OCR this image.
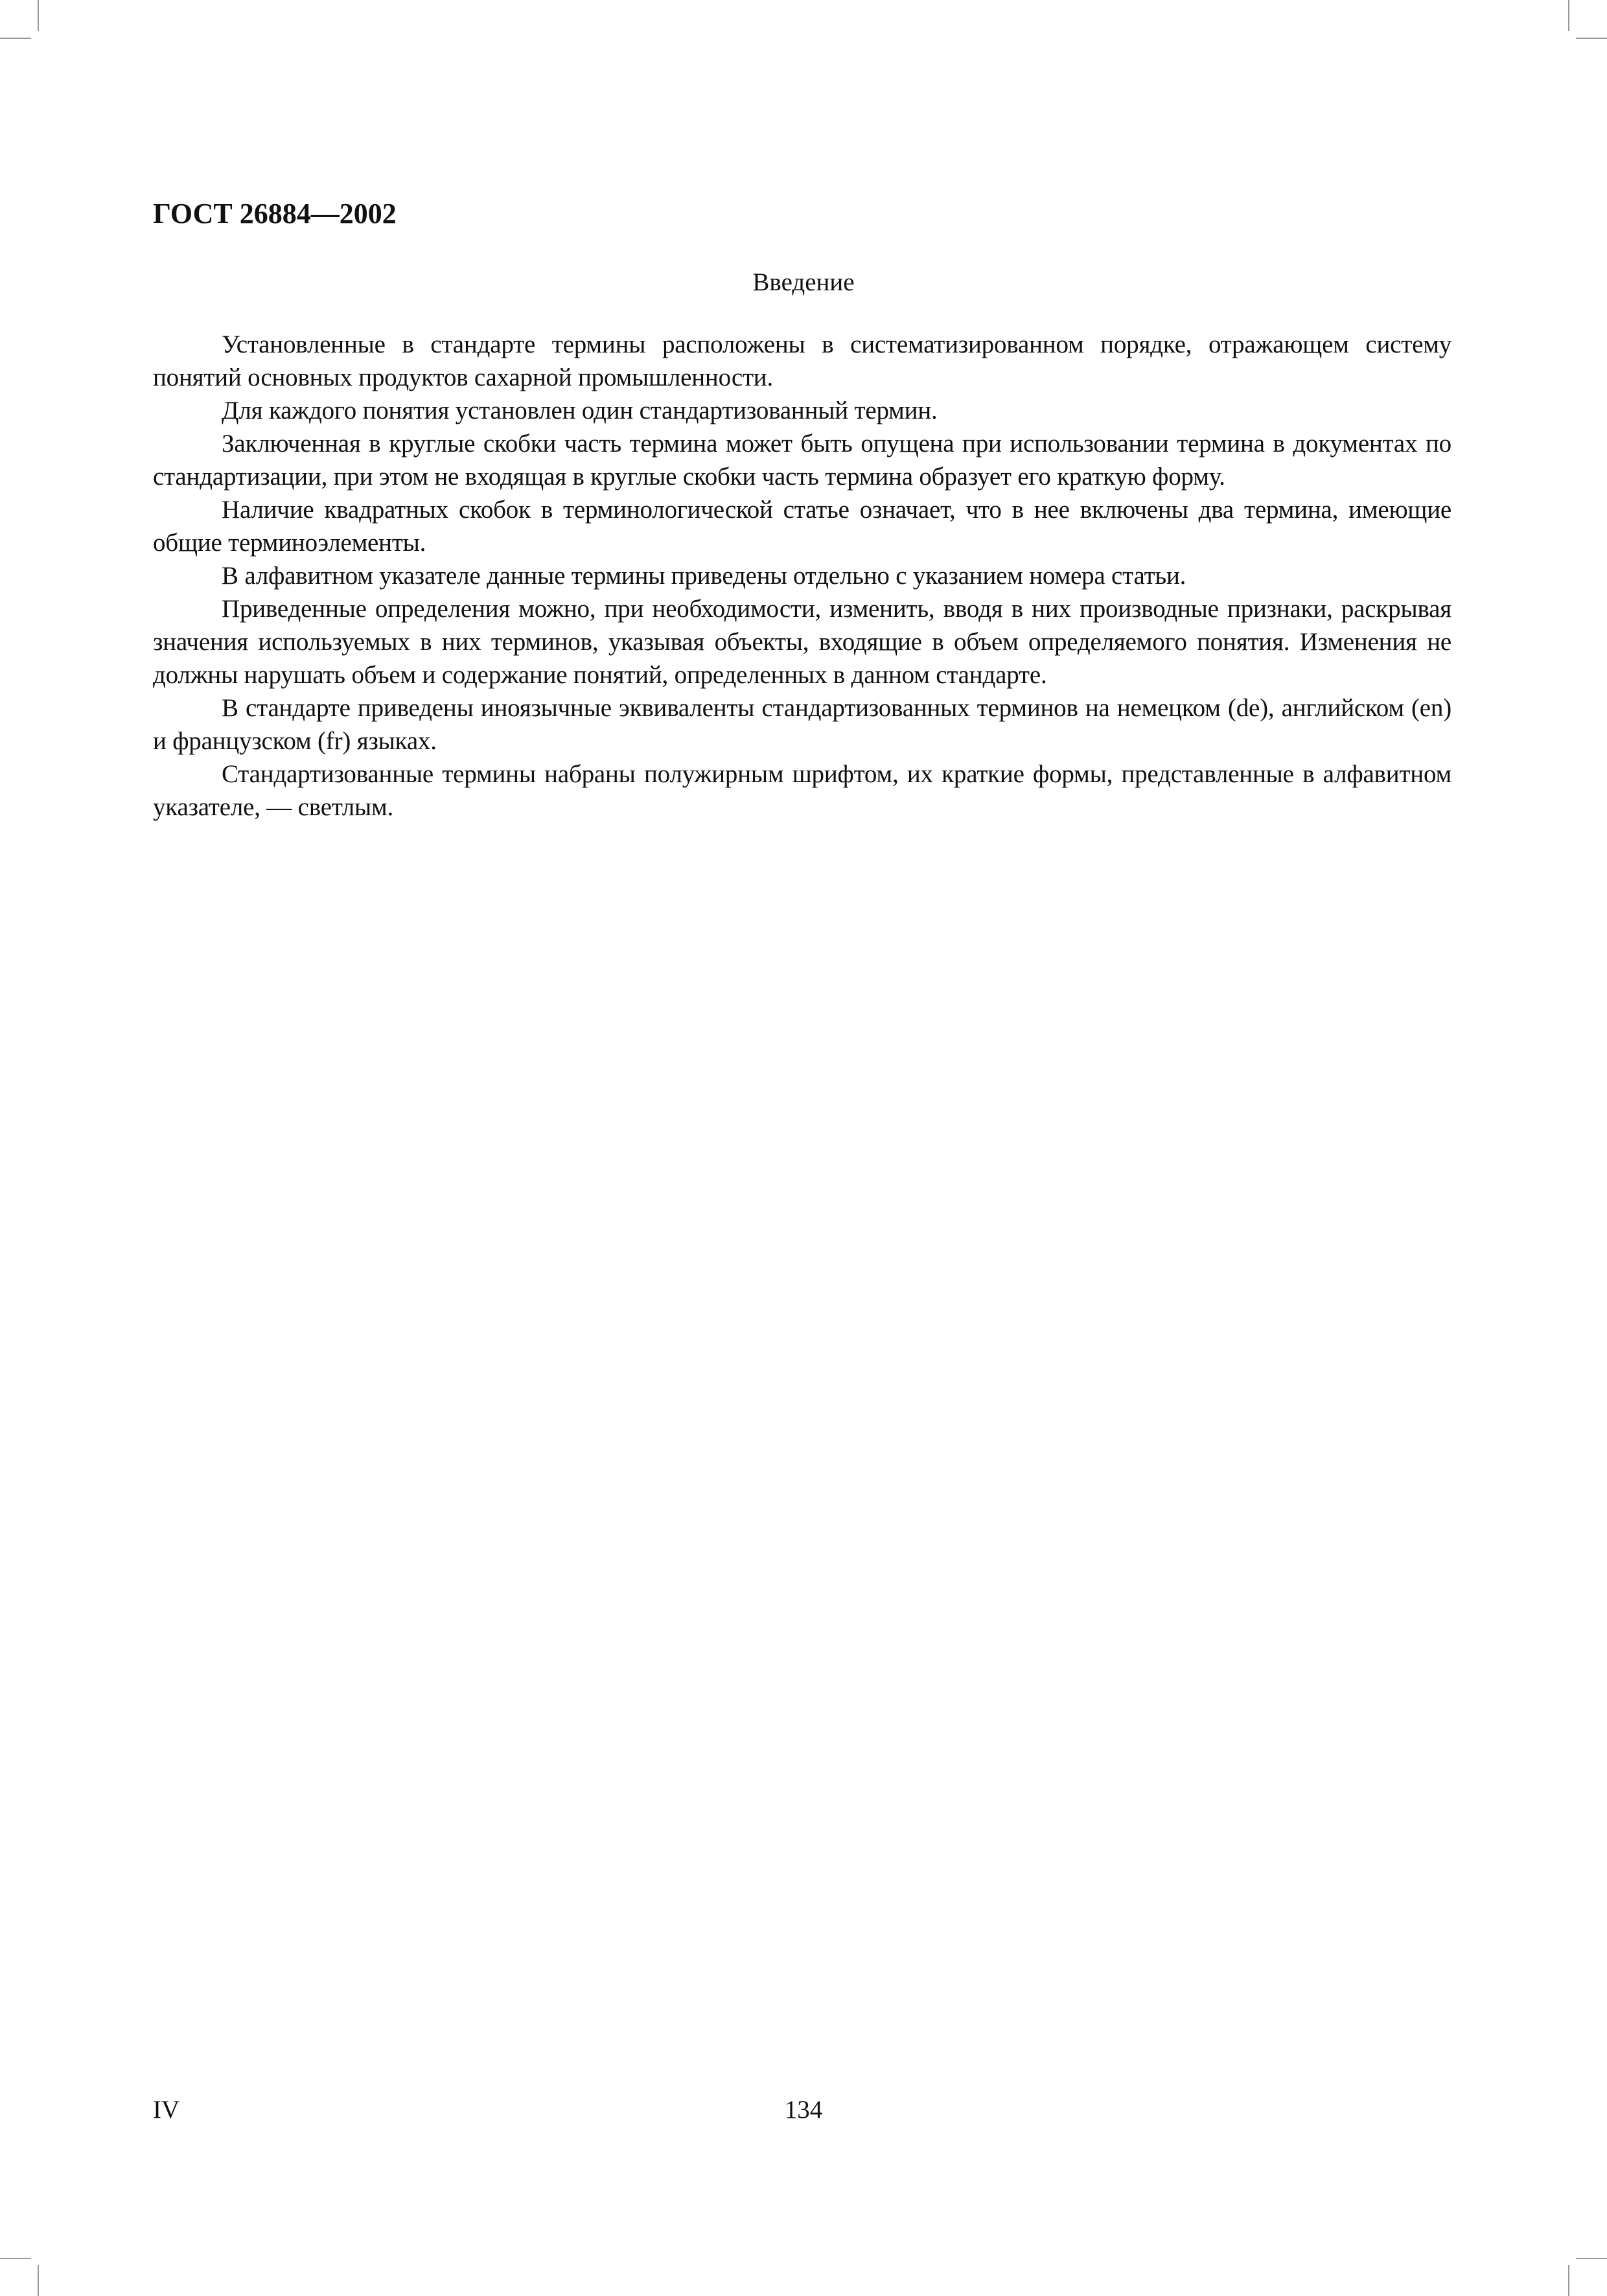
ГОСТ 26884—2002
Введение

Установленные в стандарте термины расположены в систематизированном порядке, отражающем систему понятий основных продуктов сахарной промышленности.

Для каждого понятия установлен один стандартизованный термин.

Заключенная в круглые скобки часть термина может быть опущена при использовании термина в документах по стандартизации, при этом не входящая в круглые скобки часть термина образует его краткую форму.

Наличие квадратных скобок в терминологической статье означает, что в нее включены два термина, имеющие общие терминоэлементы.

В алфавитном указателе данные термины приведены отдельно с указанием номера статьи.

Приведенные определения можно, при необходимости, изменить, вводя в них производные признаки, раскрывая значения используемых в них терминов, указывая объекты, входящие в объем определяемого понятия. Изменения не должны нарушать объем и содержание понятий, определенных в данном стандарте.

В стандарте приведены иноязычные эквиваленты стандартизованных терминов на немецком (de), английском (en) и французском (fr) языках.

Стандартизованные термины набраны полужирным шрифтом, их краткие формы, представленные в алфавитном указателе, — светлым.

IV	134
